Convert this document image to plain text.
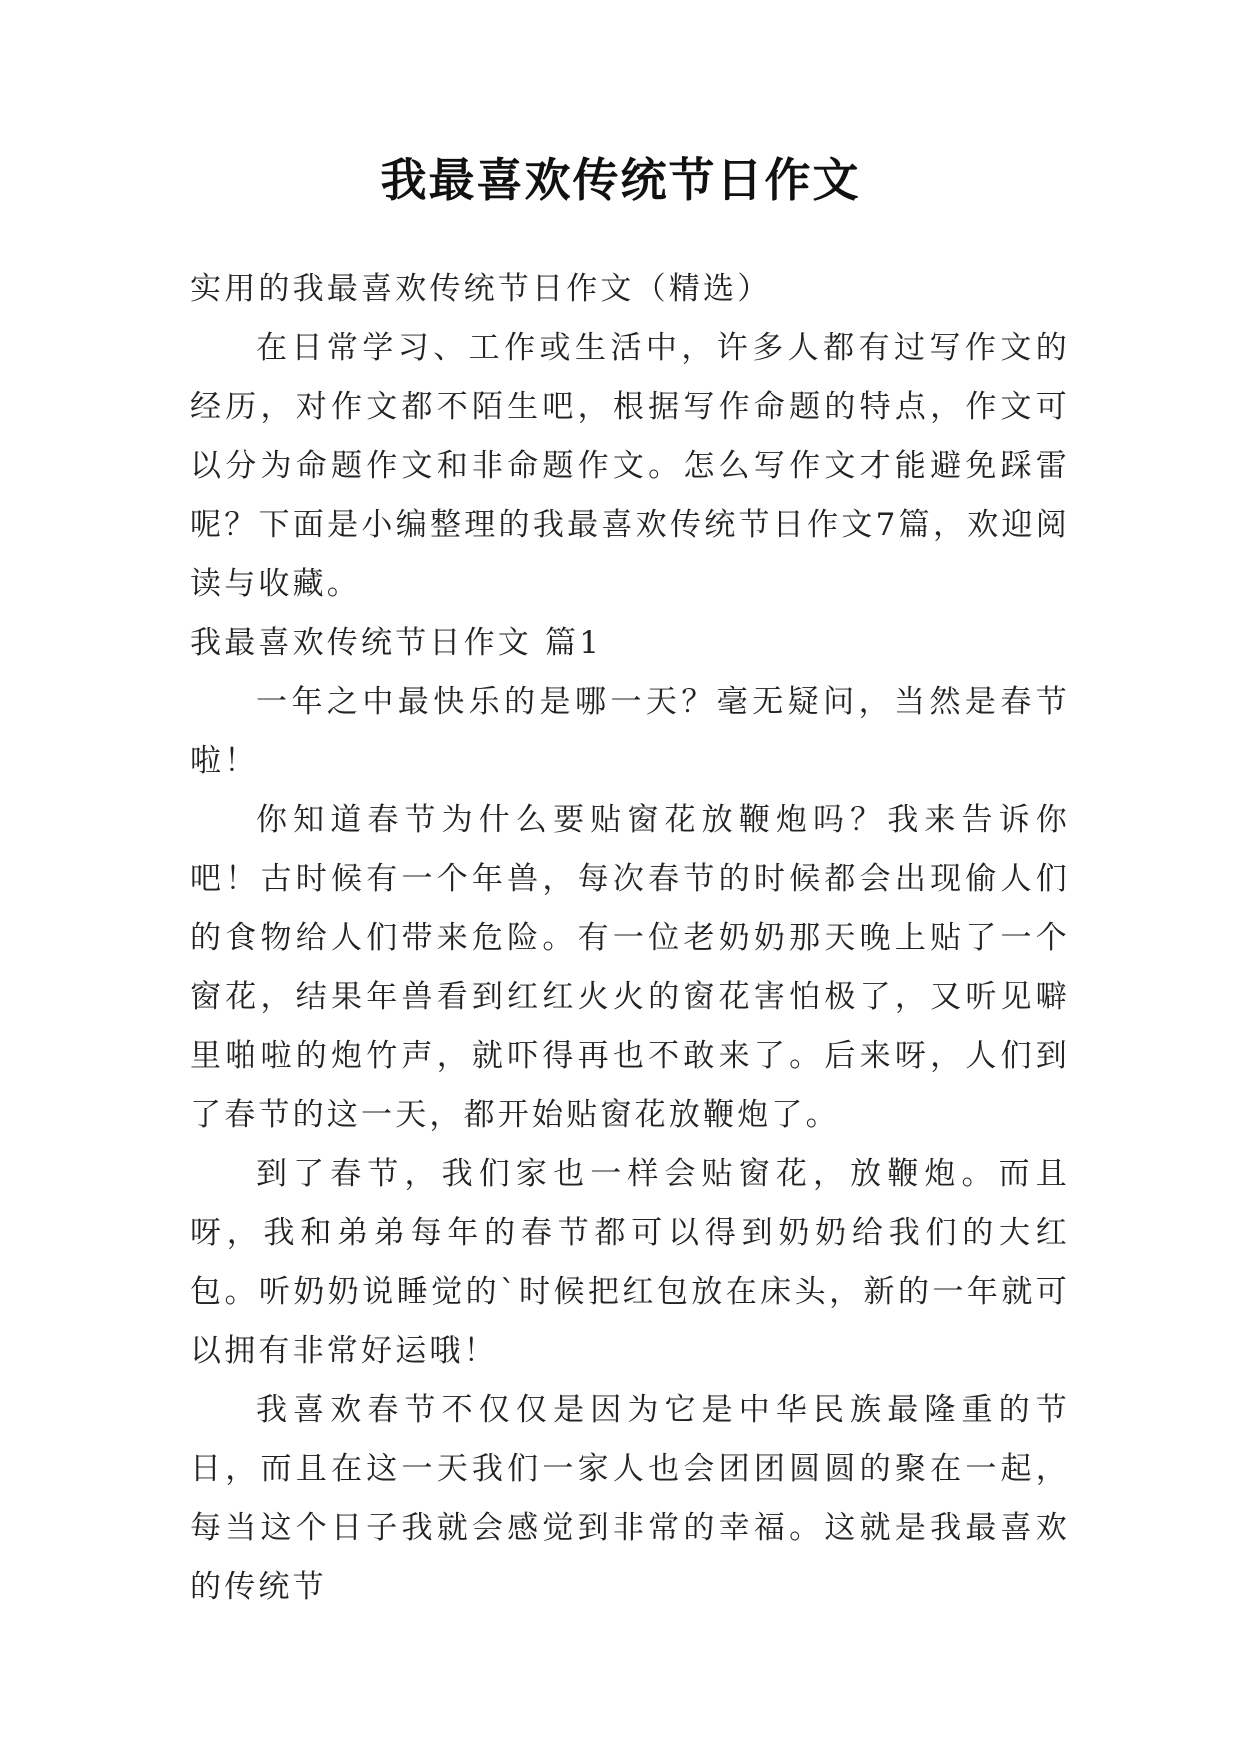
我最喜欢传统节日作文

实用的我最喜欢传统节日作文（精选）

在日常学习、工作或生活中，许多人都有过写作文的经历，对作文都不陌生吧，根据写作命题的特点，作文可以分为命题作文和非命题作文。怎么写作文才能避免踩雷呢？下面是小编整理的我最喜欢传统节日作文7篇，欢迎阅读与收藏。

我最喜欢传统节日作文 篇1

一年之中最快乐的是哪一天？毫无疑问，当然是春节啦！

你知道春节为什么要贴窗花放鞭炮吗？我来告诉你吧！古时候有一个年兽，每次春节的时候都会出现偷人们的食物给人们带来危险。有一位老奶奶那天晚上贴了一个窗花，结果年兽看到红红火火的窗花害怕极了，又听见噼里啪啦的炮竹声，就吓得再也不敢来了。后来呀，人们到了春节的这一天，都开始贴窗花放鞭炮了。

到了春节，我们家也一样会贴窗花，放鞭炮。而且呀，我和弟弟每年的春节都可以得到奶奶给我们的大红包。听奶奶说睡觉的`时候把红包放在床头，新的一年就可以拥有非常好运哦！

我喜欢春节不仅仅是因为它是中华民族最隆重的节日，而且在这一天我们一家人也会团团圆圆的聚在一起，每当这个日子我就会感觉到非常的幸福。这就是我最喜欢的传统节
